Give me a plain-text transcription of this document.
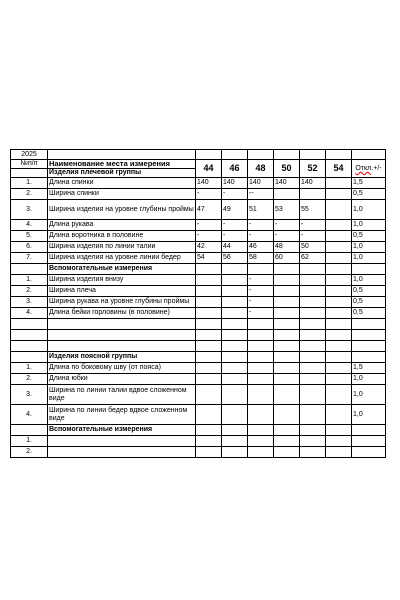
2025								
№п/п	Наименование места измерения	44	46	48	50	52	54	Откл.+/-
	Изделия плечевой группы							
1.	Длина спинки	140	140	140	140	140		1,5
2.	Ширина спинки	-	-	--				0,5
3.	Ширина изделия на уровне глубины проймы	47	49	51	53	55		1,0
4.	Длина рукава	-	-	-	-	-		1,0
5.	Длина воротника в половине	-	-	-	-	-		0,5
6.	Ширина изделия по линии талии	42	44	46	48	50		1,0
7.	Ширина изделия на уровне линии бедер	54	56	58	60	62		1,0
	Вспомогательные измерения							
1.	Ширина изделия внизу			-				1,0
2.	Ширина плеча			-				0,5
3.	Ширина рукава на уровне глубины проймы			-				0,5
4.	Длина бейки горловины (в половине)			-				0,5

	Изделия поясной группы							
1.	Длина по боковому шву (от пояса)							1,5
2.	Длина юбки							1,0
3.	Ширина по линии талии вдвое сложенном виде							1,0
4.	Ширина по линии бедер вдвое сложенном виде							1,0
	Вспомогательные измерения							
1.								
2.								
